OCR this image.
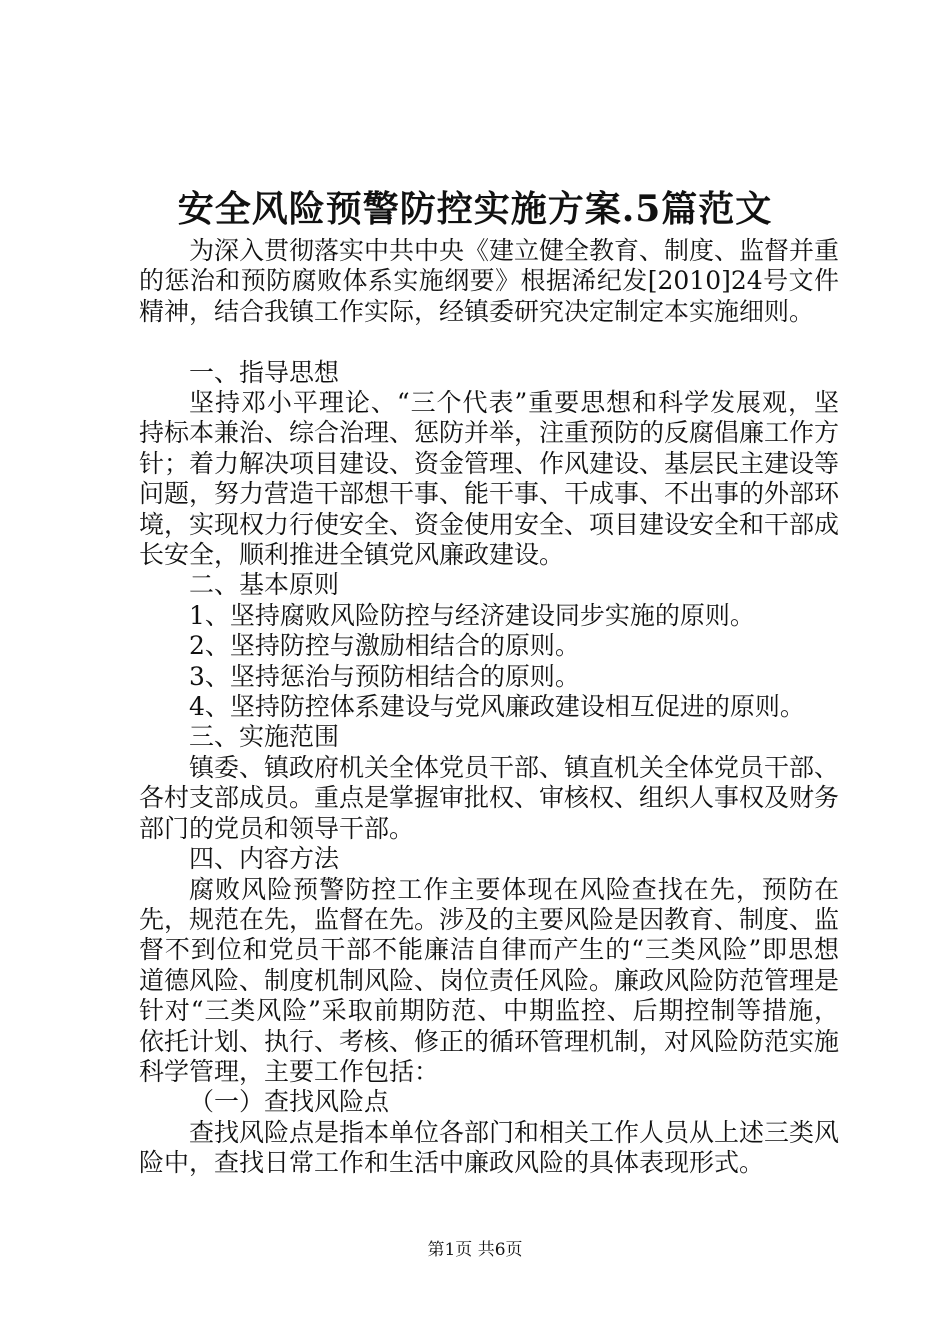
安全风险预警防控实施方案.5篇范文

为深入贯彻落实中共中央《建立健全教育、制度、监督并重的惩治和预防腐败体系实施纲要》根据浠纪发[2010]24号文件精神，结合我镇工作实际，经镇委研究决定制定本实施细则。

一、指导思想

坚持邓小平理论、“三个代表”重要思想和科学发展观，坚持标本兼治、综合治理、惩防并举，注重预防的反腐倡廉工作方针；着力解决项目建设、资金管理、作风建设、基层民主建设等问题，努力营造干部想干事、能干事、干成事、不出事的外部环境，实现权力行使安全、资金使用安全、项目建设安全和干部成长安全，顺利推进全镇党风廉政建设。

二、基本原则

1、坚持腐败风险防控与经济建设同步实施的原则。

2、坚持防控与激励相结合的原则。

3、坚持惩治与预防相结合的原则。

4、坚持防控体系建设与党风廉政建设相互促进的原则。

三、实施范围

镇委、镇政府机关全体党员干部、镇直机关全体党员干部、各村支部成员。重点是掌握审批权、审核权、组织人事权及财务部门的党员和领导干部。

四、内容方法

腐败风险预警防控工作主要体现在风险查找在先，预防在先，规范在先，监督在先。涉及的主要风险是因教育、制度、监督不到位和党员干部不能廉洁自律而产生的“三类风险”即思想道德风险、制度机制风险、岗位责任风险。廉政风险防范管理是针对“三类风险”采取前期防范、中期监控、后期控制等措施，依托计划、执行、考核、修正的循环管理机制，对风险防范实施科学管理，主要工作包括：

（一）查找风险点

查找风险点是指本单位各部门和相关工作人员从上述三类风险中，查找日常工作和生活中廉政风险的具体表现形式。

第1页 共6页
